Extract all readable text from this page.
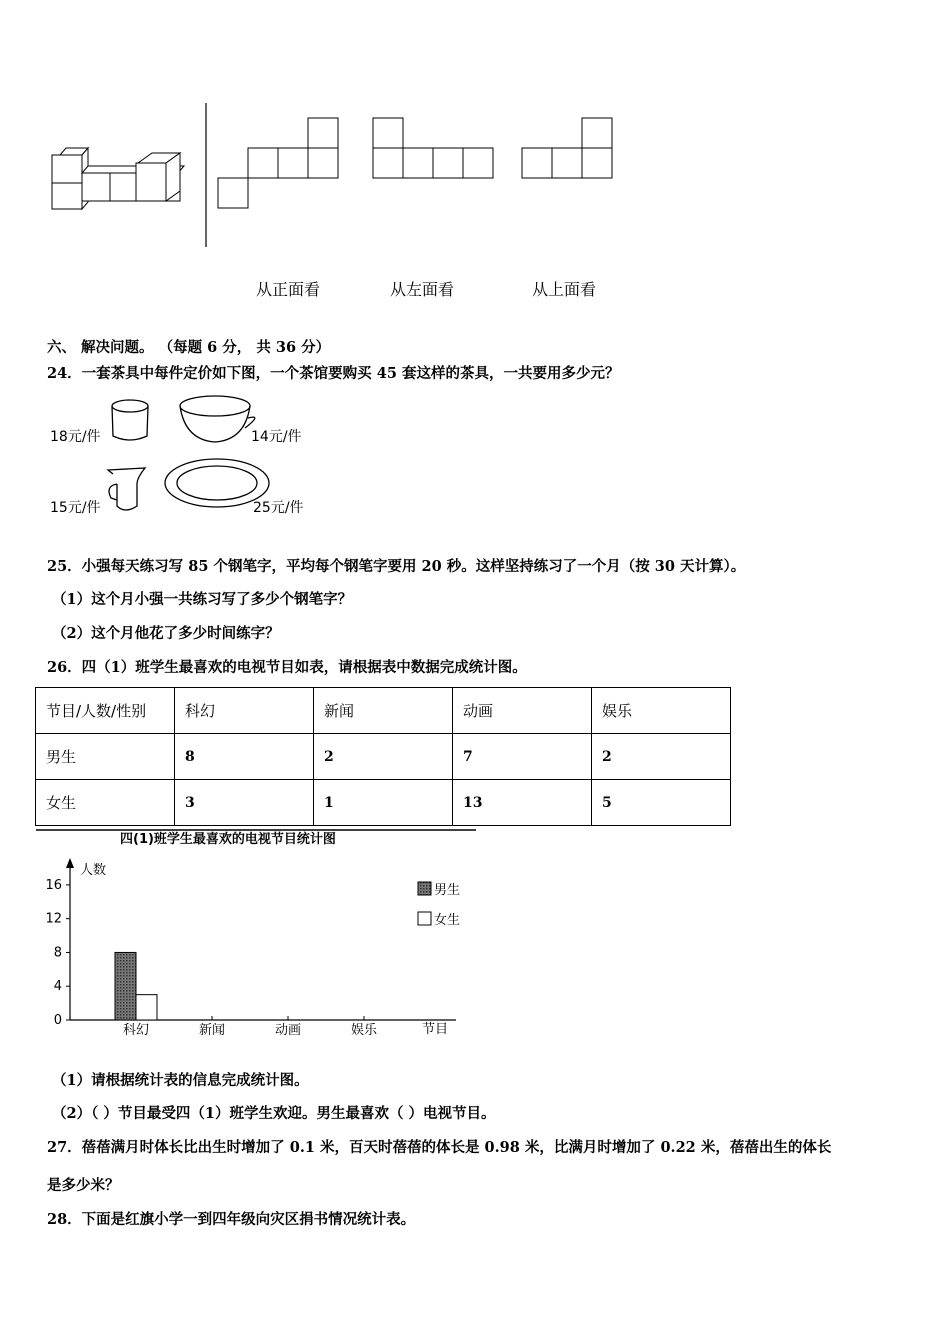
从正面看	从左面看	从上面看
六、 解决问题。 （每题 6 分， 共 36 分）
24．一套茶具中每件定价如下图，一个茶馆要购买 45 套这样的茶具，一共要用多少元？
18元/件	14元/件
15元/件	25元/件
25．小强每天练习写 85 个钢笔字，平均每个钢笔字要用 20 秒。这样坚持练习了一个月（按 30 天计算）。
（1）这个月小强一共练习写了多少个钢笔字？
（2）这个月他花了多少时间练字？
26．四（1）班学生最喜欢的电视节目如表，请根据表中数据完成统计图。
节目/人数/性别	科幻	新闻	动画	娱乐
男生	8	2	7	2
女生	3	1	13	5
四(1)班学生最喜欢的电视节目统计图
人数
节目
0
4
8
12
16
科幻	新闻	动画	娱乐
男生
女生
（1）请根据统计表的信息完成统计图。
（2）（ ）节目最受四（1）班学生欢迎。男生最喜欢（ ）电视节目。
27．蓓蓓满月时体长比出生时增加了 0.1 米，百天时蓓蓓的体长是 0.98 米，比满月时增加了 0.22 米，蓓蓓出生的体长
是多少米？
28．下面是红旗小学一到四年级向灾区捐书情况统计表。
